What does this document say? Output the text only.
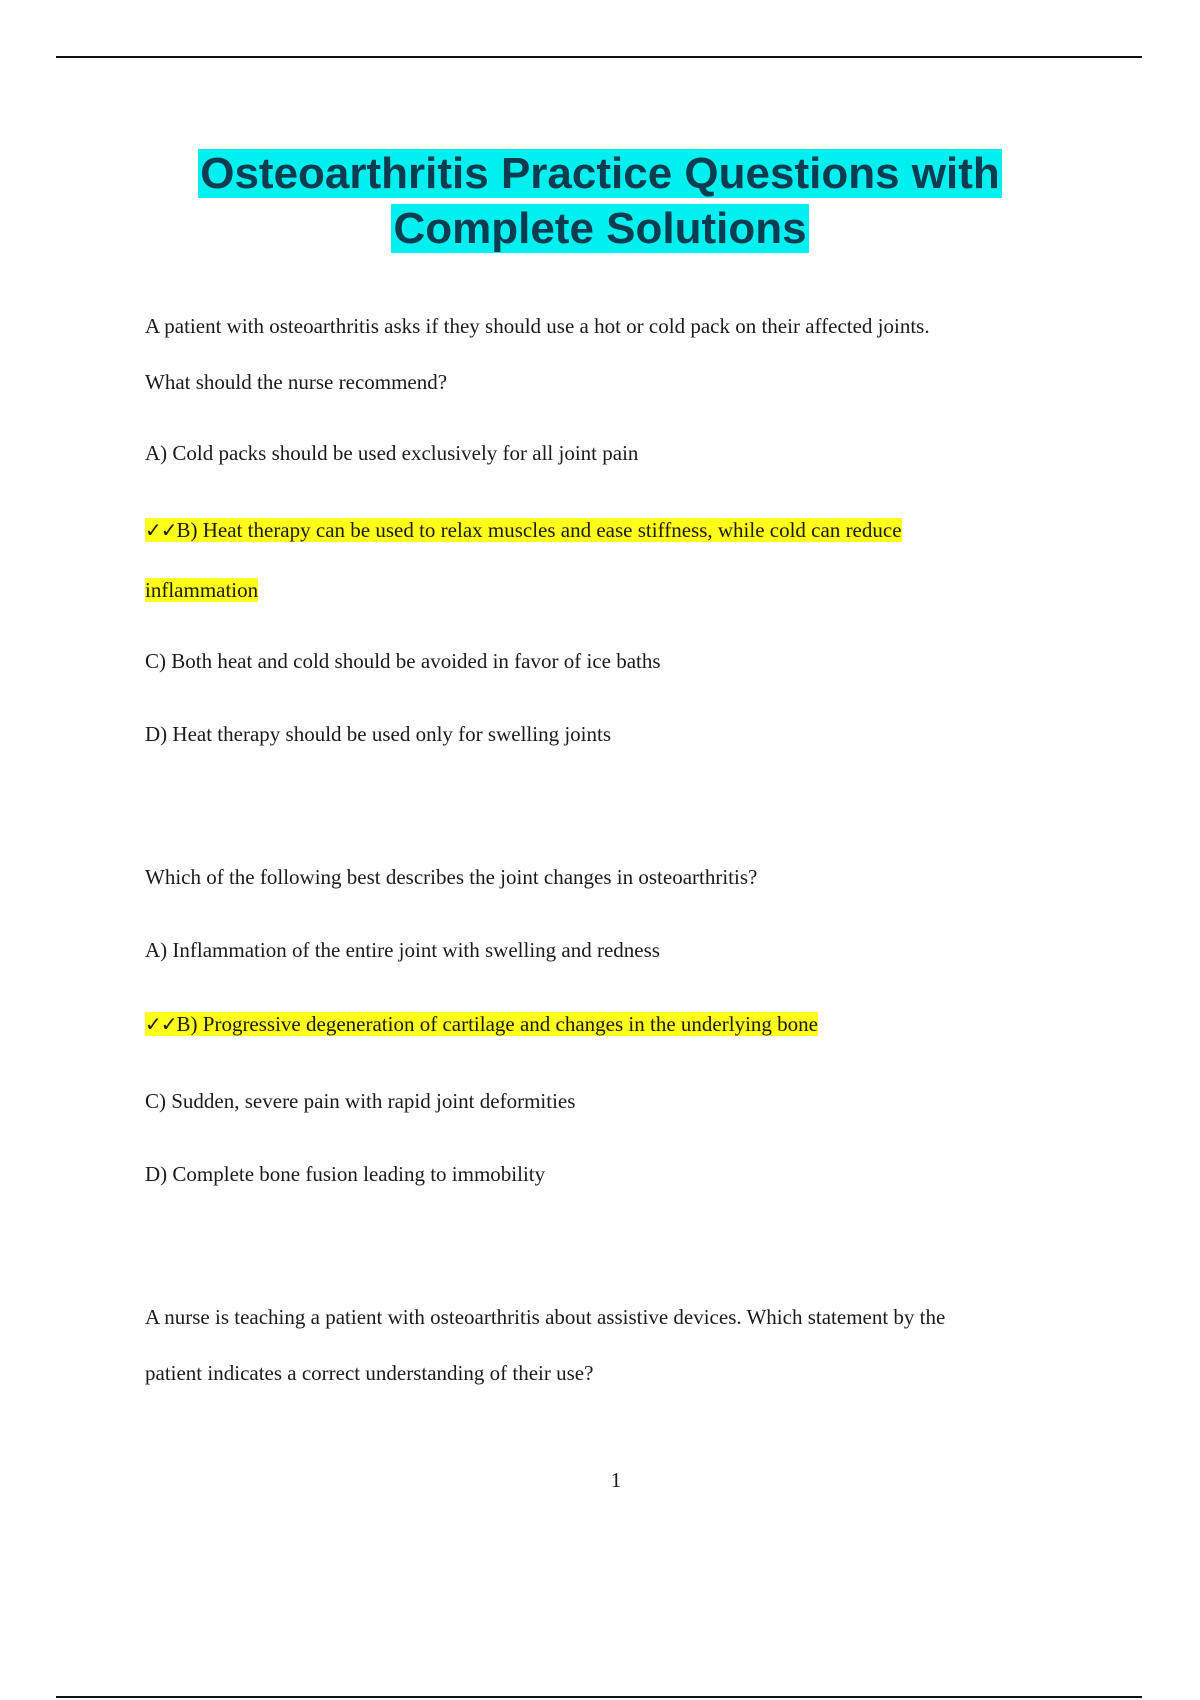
Osteoarthritis Practice Questions with
Complete Solutions
A patient with osteoarthritis asks if they should use a hot or cold pack on their affected joints.
What should the nurse recommend?
A) Cold packs should be used exclusively for all joint pain
✓✓B) Heat therapy can be used to relax muscles and ease stiffness, while cold can reduce
inflammation
C) Both heat and cold should be avoided in favor of ice baths
D) Heat therapy should be used only for swelling joints
Which of the following best describes the joint changes in osteoarthritis?
A) Inflammation of the entire joint with swelling and redness
✓✓B) Progressive degeneration of cartilage and changes in the underlying bone
C) Sudden, severe pain with rapid joint deformities
D) Complete bone fusion leading to immobility
A nurse is teaching a patient with osteoarthritis about assistive devices. Which statement by the
patient indicates a correct understanding of their use?
1
